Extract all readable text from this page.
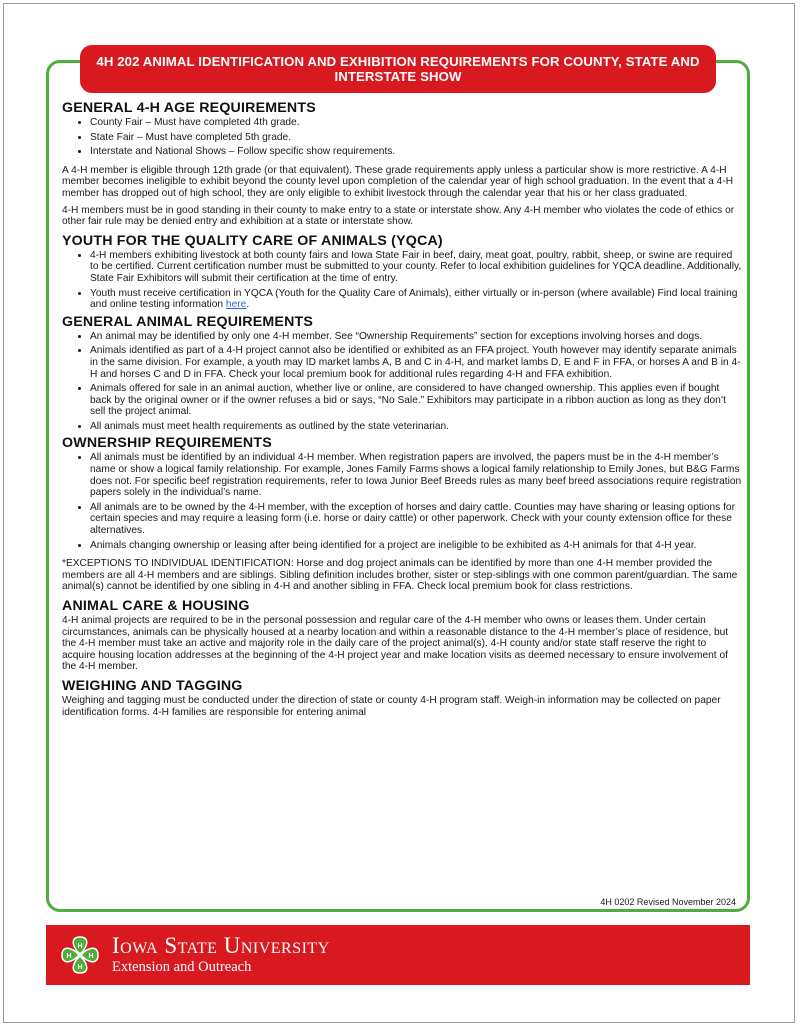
4H 202 ANIMAL IDENTIFICATION AND EXHIBITION REQUIREMENTS FOR COUNTY, STATE AND INTERSTATE SHOW
GENERAL 4-H AGE REQUIREMENTS
• County Fair – Must have completed 4th grade.
• State Fair – Must have completed 5th grade.
• Interstate and National Shows – Follow specific show requirements.

A 4-H member is eligible through 12th grade (or that equivalent). These grade requirements apply unless a particular show is more restrictive. A 4-H member becomes ineligible to exhibit beyond the county level upon completion of the calendar year of high school graduation. In the event that a 4-H member has dropped out of high school, they are only eligible to exhibit livestock through the calendar year that his or her class graduated.

4-H members must be in good standing in their county to make entry to a state or interstate show. Any 4-H member who violates the code of ethics or other fair rule may be denied entry and exhibition at a state or interstate show.

YOUTH FOR THE QUALITY CARE OF ANIMALS (YQCA)
• 4-H members exhibiting livestock at both county fairs and Iowa State Fair in beef, dairy, meat goat, poultry, rabbit, sheep, or swine are required to be certified. Current certification number must be submitted to your county. Refer to local exhibition guidelines for YQCA deadline. Additionally, State Fair Exhibitors will submit their certification at the time of entry.
• Youth must receive certification in YQCA (Youth for the Quality Care of Animals), either virtually or in-person (where available) Find local training and online testing information here.
GENERAL ANIMAL REQUIREMENTS
• An animal may be identified by only one 4-H member. See “Ownership Requirements” section for exceptions involving horses and dogs.
• Animals identified as part of a 4-H project cannot also be identified or exhibited as an FFA project. Youth however may identify separate animals in the same division. For example, a youth may ID market lambs A, B and C in 4-H, and market lambs D, E and F in FFA, or horses A and B in 4-H and horses C and D in FFA. Check your local premium book for additional rules regarding 4-H and FFA exhibition.
• Animals offered for sale in an animal auction, whether live or online, are considered to have changed ownership. This applies even if bought back by the original owner or if the owner refuses a bid or says, “No Sale.” Exhibitors may participate in a ribbon auction as long as they don’t sell the project animal.
• All animals must meet health requirements as outlined by the state veterinarian.
OWNERSHIP REQUIREMENTS
• All animals must be identified by an individual 4-H member. When registration papers are involved, the papers must be in the 4-H member’s name or show a logical family relationship. For example, Jones Family Farms shows a logical family relationship to Emily Jones, but B&G Farms does not. For specific beef registration requirements, refer to Iowa Junior Beef Breeds rules as many beef breed associations require registration papers solely in the individual’s name.
• All animals are to be owned by the 4-H member, with the exception of horses and dairy cattle. Counties may have sharing or leasing options for certain species and may require a leasing form (i.e. horse or dairy cattle) or other paperwork. Check with your county extension office for these alternatives.
• Animals changing ownership or leasing after being identified for a project are ineligible to be exhibited as 4-H animals for that 4-H year.

*EXCEPTIONS TO INDIVIDUAL IDENTIFICATION: Horse and dog project animals can be identified by more than one 4-H member provided the members are all 4-H members and are siblings. Sibling definition includes brother, sister or step-siblings with one common parent/guardian. The same animal(s) cannot be identified by one sibling in 4-H and another sibling in FFA. Check local premium book for class restrictions.

ANIMAL CARE & HOUSING

4-H animal projects are required to be in the personal possession and regular care of the 4-H member who owns or leases them. Under certain circumstances, animals can be physically housed at a nearby location and within a reasonable distance to the 4-H member’s place of residence, but the 4-H member must take an active and majority role in the daily care of the project animal(s). 4-H county and/or state staff reserve the right to acquire housing location addresses at the beginning of the 4-H project year and make location visits as deemed necessary to ensure involvement of the 4-H member.

WEIGHING AND TAGGING

Weighing and tagging must be conducted under the direction of state or county 4-H program staff. Weigh-in information may be collected on paper identification forms. 4-H families are responsible for entering animal

4H 0202 Revised November 2024
H
H
H
H Iowa State University
Extension and Outreach
